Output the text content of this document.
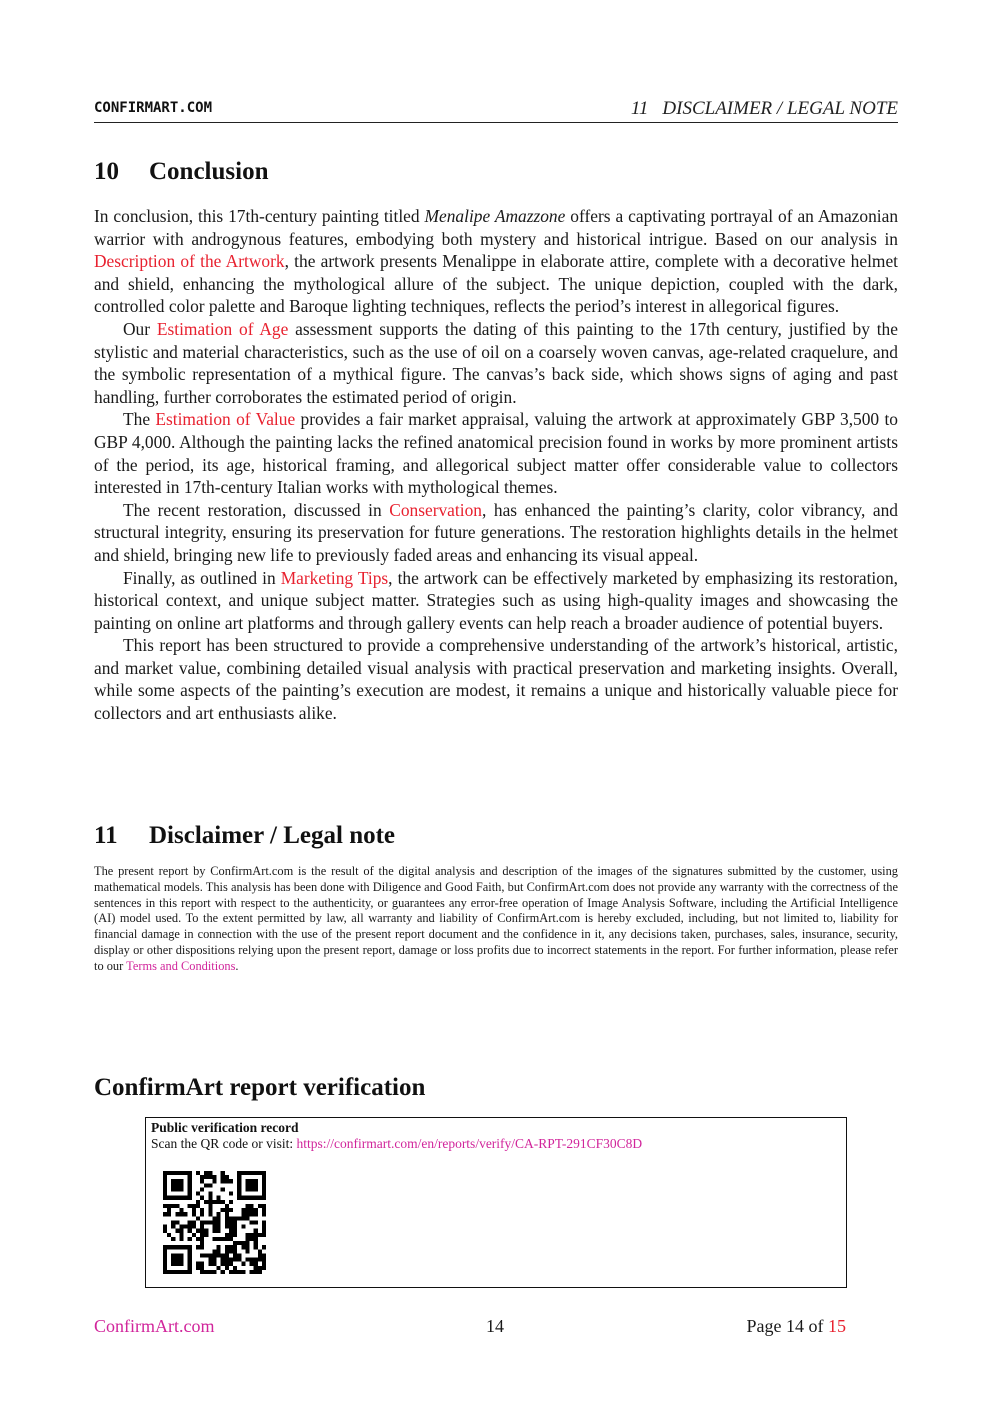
CONFIRMART.COM	11 DISCLAIMER / LEGAL NOTE
10 Conclusion

In conclusion, this 17th-century painting titled Menalipe Amazzone offers a captivating portrayal of an Amazonian warrior with androgynous features, embodying both mystery and historical intrigue. Based on our analysis in Description of the Artwork, the artwork presents Menalippe in elaborate attire, complete with a decorative helmet and shield, enhancing the mythological allure of the subject. The unique depiction, coupled with the dark, controlled color palette and Baroque lighting techniques, reflects the period’s interest in allegorical figures.

Our Estimation of Age assessment supports the dating of this painting to the 17th century, justified by the stylistic and material characteristics, such as the use of oil on a coarsely woven canvas, age-related craquelure, and the symbolic representation of a mythical figure. The canvas’s back side, which shows signs of aging and past handling, further corroborates the estimated period of origin.

The Estimation of Value provides a fair market appraisal, valuing the artwork at approximately GBP 3,500 to GBP 4,000. Although the painting lacks the refined anatomical precision found in works by more prominent artists of the period, its age, historical framing, and allegorical subject matter offer considerable value to collectors interested in 17th-century Italian works with mythological themes.

The recent restoration, discussed in Conservation, has enhanced the painting’s clarity, color vibrancy, and structural integrity, ensuring its preservation for future generations. The restoration highlights details in the helmet and shield, bringing new life to previously faded areas and enhancing its visual appeal.

Finally, as outlined in Marketing Tips, the artwork can be effectively marketed by emphasizing its restoration, historical context, and unique subject matter. Strategies such as using high-quality images and showcasing the painting on online art platforms and through gallery events can help reach a broader audience of potential buyers.

This report has been structured to provide a comprehensive understanding of the artwork’s historical, artistic, and market value, combining detailed visual analysis with practical preservation and marketing insights. Overall, while some aspects of the painting’s execution are modest, it remains a unique and historically valuable piece for collectors and art enthusiasts alike.

11 Disclaimer / Legal note

The present report by ConfirmArt.com is the result of the digital analysis and description of the images of the signatures submitted by the customer, using mathematical models. This analysis has been done with Diligence and Good Faith, but ConfirmArt.com does not provide any warranty with the correctness of the sentences in this report with respect to the authenticity, or guarantees any error-free operation of Image Analysis Software, including the Artificial Intelligence (AI) model used. To the extent permitted by law, all warranty and liability of ConfirmArt.com is hereby excluded, including, but not limited to, liability for financial damage in connection with the use of the present report document and the confidence in it, any decisions taken, purchases, sales, insurance, security, display or other dispositions relying upon the present report, damage or loss profits due to incorrect statements in the report. For further information, please refer to our Terms and Conditions.

ConfirmArt report verification
Public verification record
Scan the QR code or visit: https://confirmart.com/en/reports/verify/CA-RPT-291CF30C8D
ConfirmArt.com	14	Page 14 of 15
